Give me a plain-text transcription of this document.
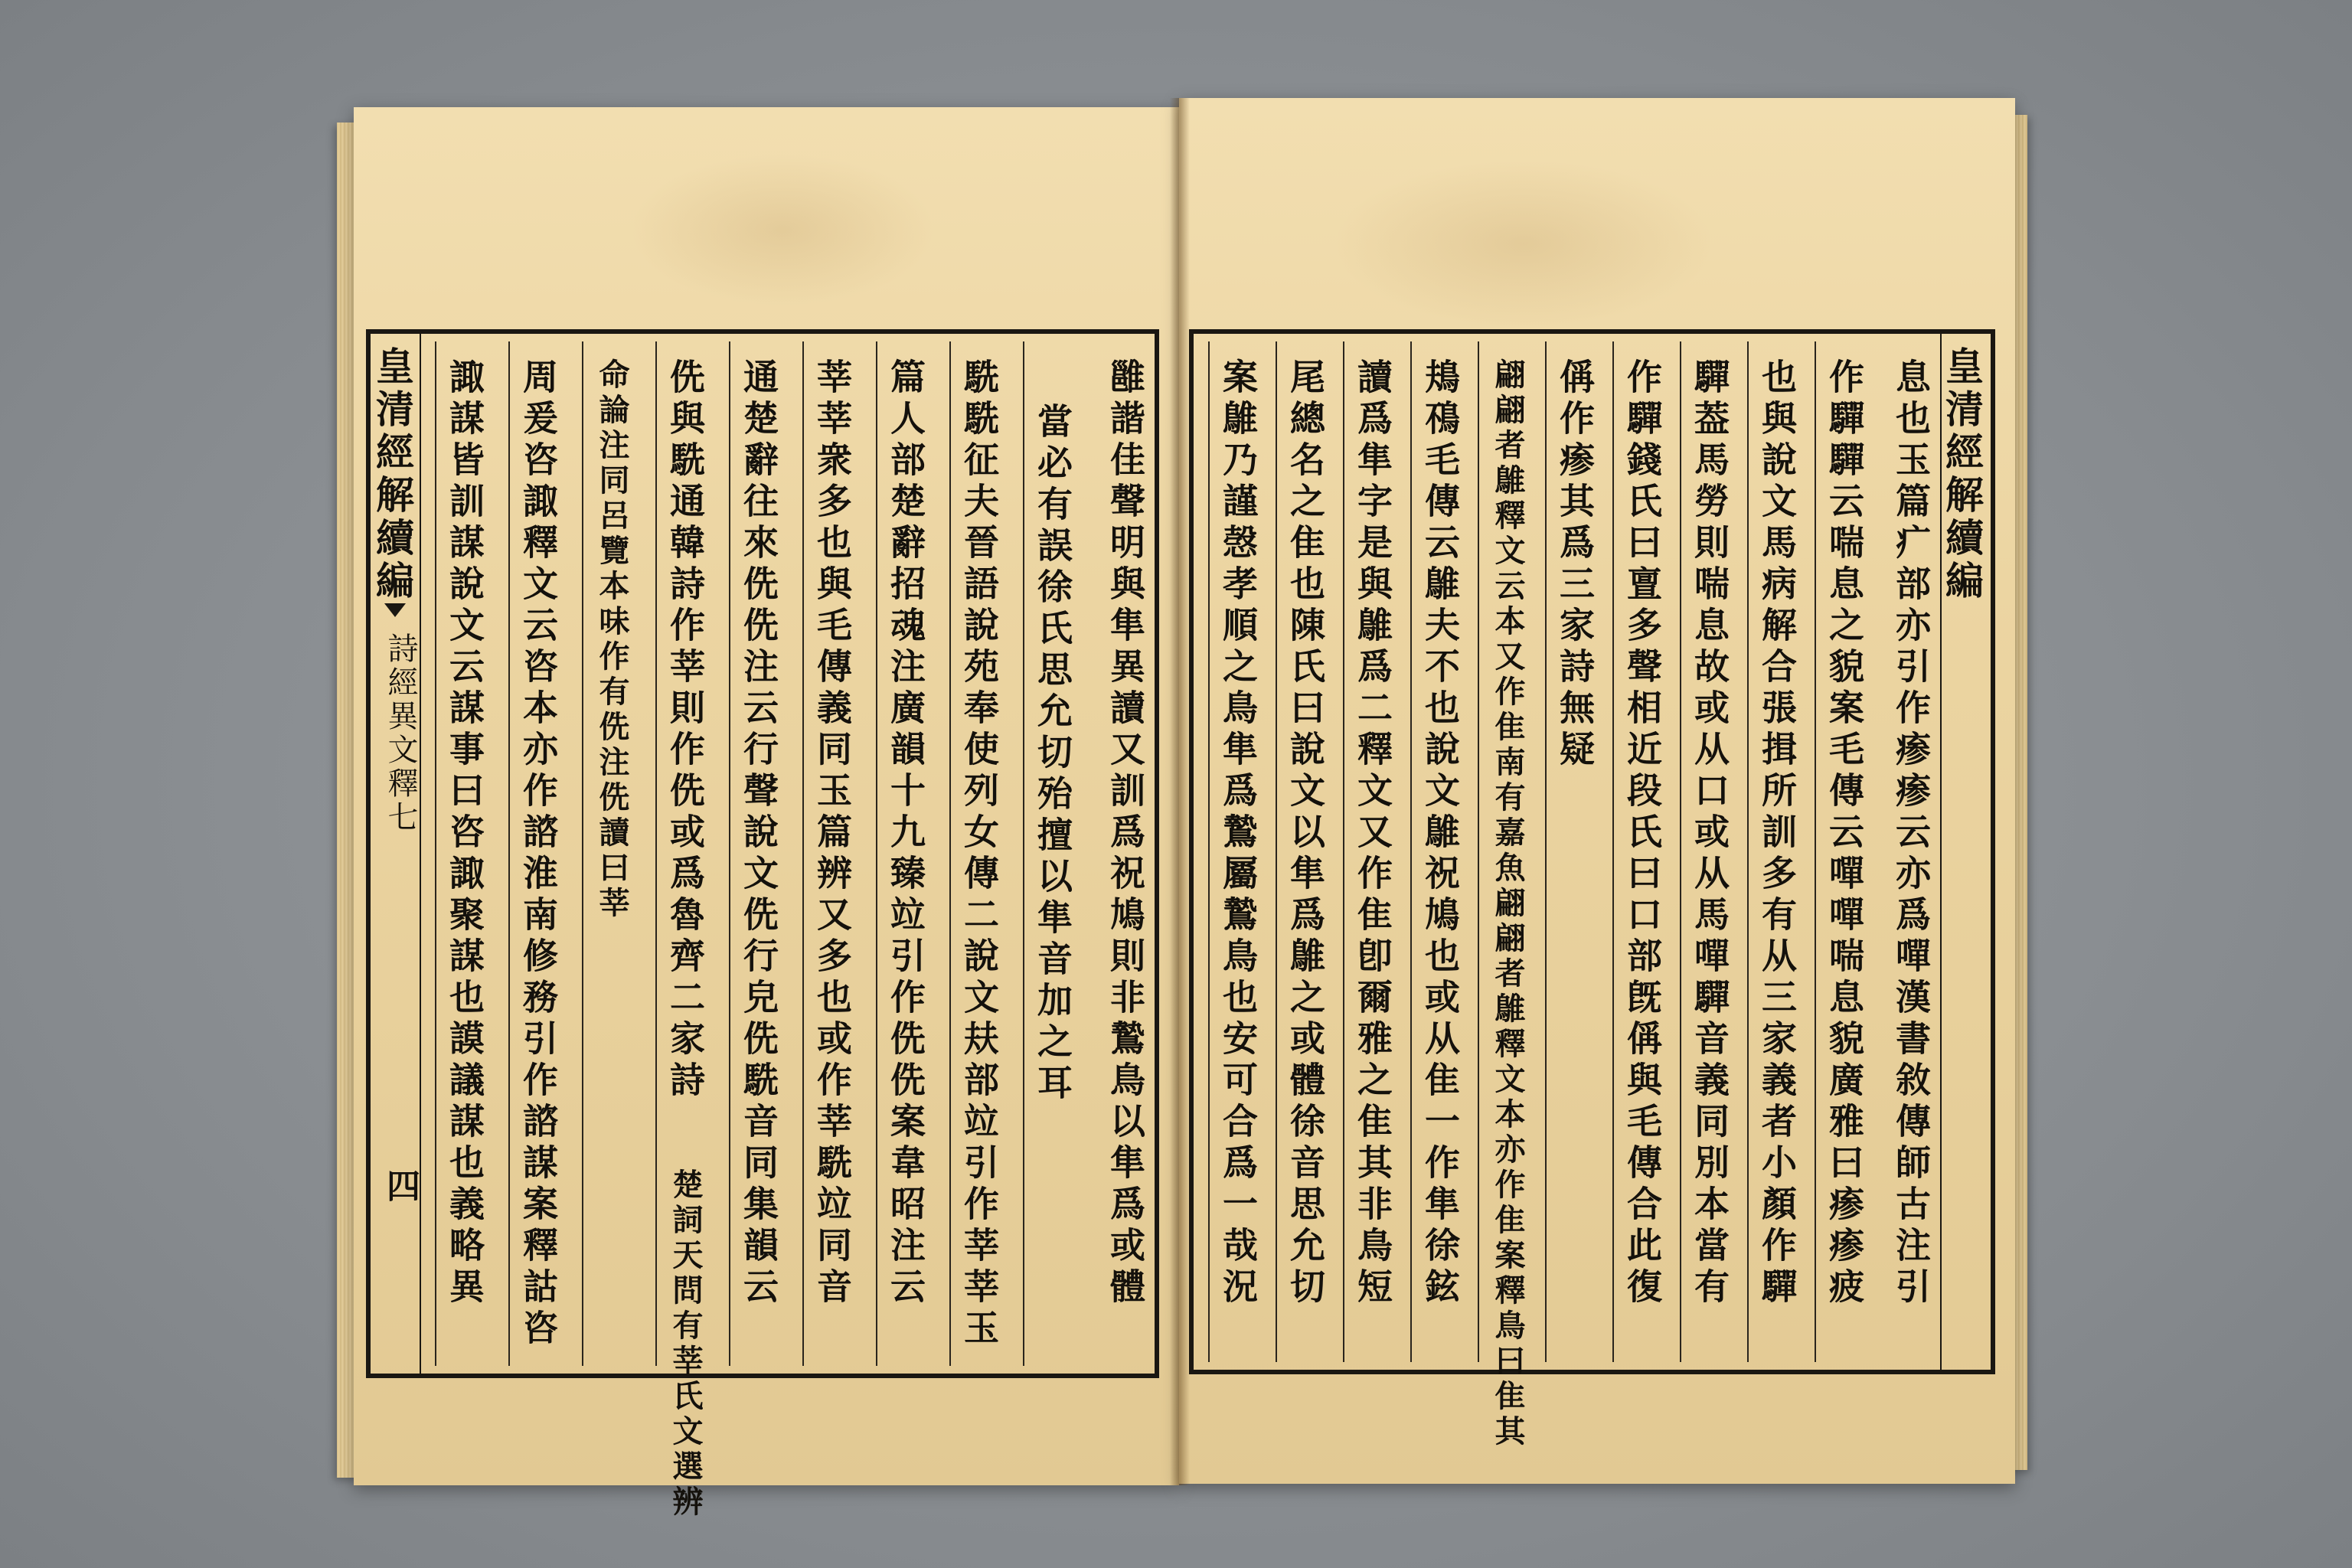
皇清經解續編
詩經異文釋七
四	雝諧佳聲明與隼異讀又訓爲祝鳩則非鷙鳥以隼爲或體
當必有誤徐氏思允切殆擅以隼音加之耳
駪駪征夫晉語說苑奉使列女傳二說文㚘部竝引作莘莘玉
篇人部楚辭招魂注廣韻十九臻竝引作侁侁案韋昭注云
莘莘衆多也與毛傳義同玉篇辨又多也或作莘駪竝同音
通楚辭往來侁侁注云行聲說文侁行皃侁駪音同集韻云
侁與駪通韓詩作莘則作侁或爲魯齊二家詩
楚詞天問有莘氏文選辨
命論注同呂覽本味作有侁注侁讀曰莘
周爰咨諏釋文云咨本亦作諮淮南修務引作諮謀案釋詁咨
諏謀皆訓謀說文云謀事曰咨諏聚謀也謨議謀也義略異	息也玉篇疒部亦引作瘆瘆云亦爲嘽漢書敘傳師古注引
作驒驒云喘息之貌案毛傳云嘽嘽喘息貌廣雅曰瘆瘆疲
也與說文馬病解合張揖所訓多有从三家義者小顏作驒
驒葢馬勞則喘息故或从口或从馬嘽驒音義同別本當有
作驒錢氏曰亶多聲相近段氏曰口部旣偁與毛傳合此復
偁作瘆其爲三家詩無疑
翩翩者鵻釋文云本又作隹南有嘉魚翩翩者鵻釋文本亦作隹案釋鳥曰隹其
鳺鴀毛傳云鵻夫不也說文鵻祝鳩也或从隹一作隼徐鉉
讀爲隼字是與鵻爲二釋文又作隹卽爾雅之隹其非鳥短
尾總名之隹也陳氏曰說文以隼爲鵻之或體徐音思允切
案鵻乃謹愨孝順之鳥隼爲鷙屬鷙鳥也安可合爲一哉況	皇清經解續編
